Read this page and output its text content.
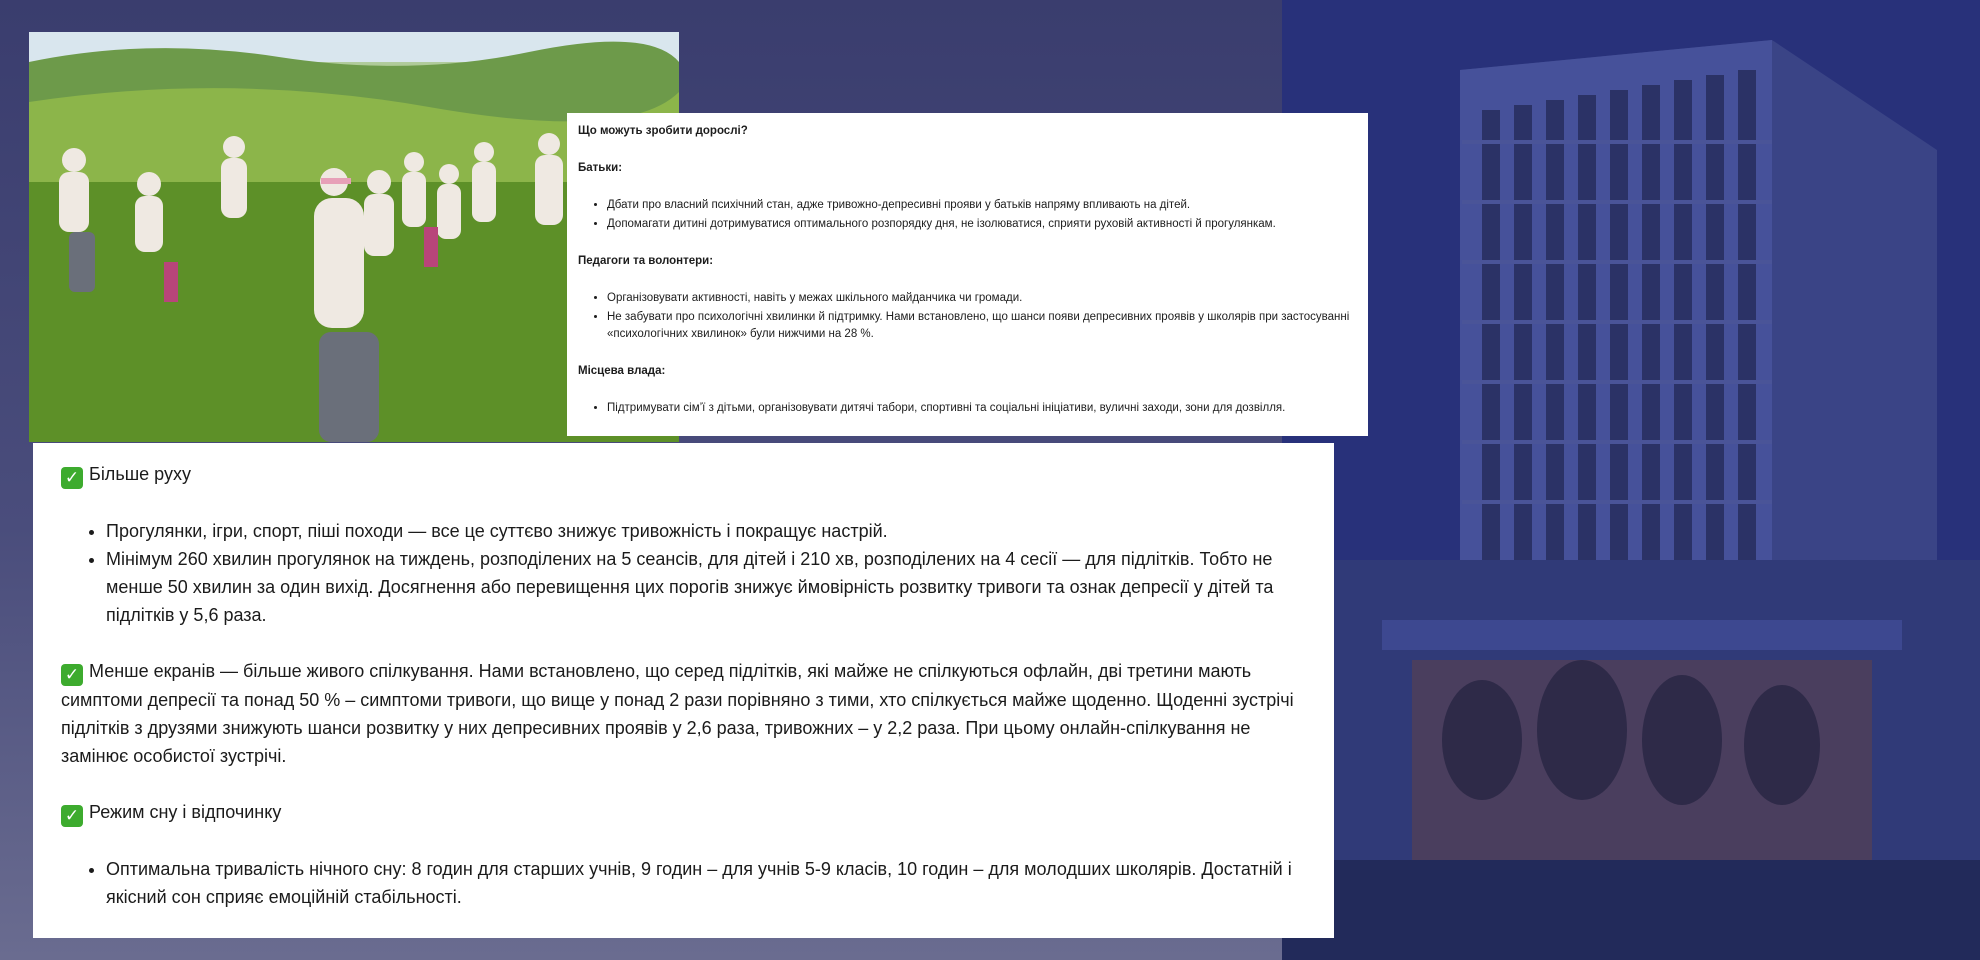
Що можуть зробити дорослі?
Батьки:
• Дбати про власний психічний стан, адже тривожно-депресивні прояви у батьків напряму впливають на дітей.
• Допомагати дитині дотримуватися оптимального розпорядку дня, не ізолюватися, сприяти руховій активності й прогулянкам.
Педагоги та волонтери:
• Організовувати активності, навіть у межах шкільного майданчика чи громади.
• Не забувати про психологічні хвилинки й підтримку. Нами встановлено, що шанси появи депресивних проявів у школярів при застосуванні «психологічних хвилинок» були нижчими на 28 %.
Місцева влада:
• Підтримувати сім’ї з дітьми, організовувати дитячі табори, спортивні та соціальні ініціативи, вуличні заходи, зони для дозвілля.

✓ Більше руху

• Прогулянки, ігри, спорт, піші походи — все це суттєво знижує тривожність і покращує настрій.
• Мінімум 260 хвилин прогулянок на тиждень, розподілених на 5 сеансів, для дітей і 210 хв, розподілених на 4 сесії — для підлітків. Тобто не менше 50 хвилин за один вихід. Досягнення або перевищення цих порогів знижує ймовірність розвитку тривоги та ознак депресії у дітей та підлітків у 5,6 раза.

✓ Менше екранів — більше живого спілкування. Нами встановлено, що серед підлітків, які майже не спілкуються офлайн, дві третини мають симптоми депресії та понад 50 % – симптоми тривоги, що вище у понад 2 рази порівняно з тими, хто спілкується майже щоденно. Щоденні зустрічі підлітків з друзями знижують шанси розвитку у них депресивних проявів у 2,6 раза, тривожних – у 2,2 раза. При цьому онлайн-спілкування не замінює особистої зустрічі.

✓ Режим сну і відпочинку

• Оптимальна тривалість нічного сну: 8 годин для старших учнів, 9 годин – для учнів 5-9 класів, 10 годин – для молодших школярів. Достатній і якісний сон сприяє емоційній стабільності.
